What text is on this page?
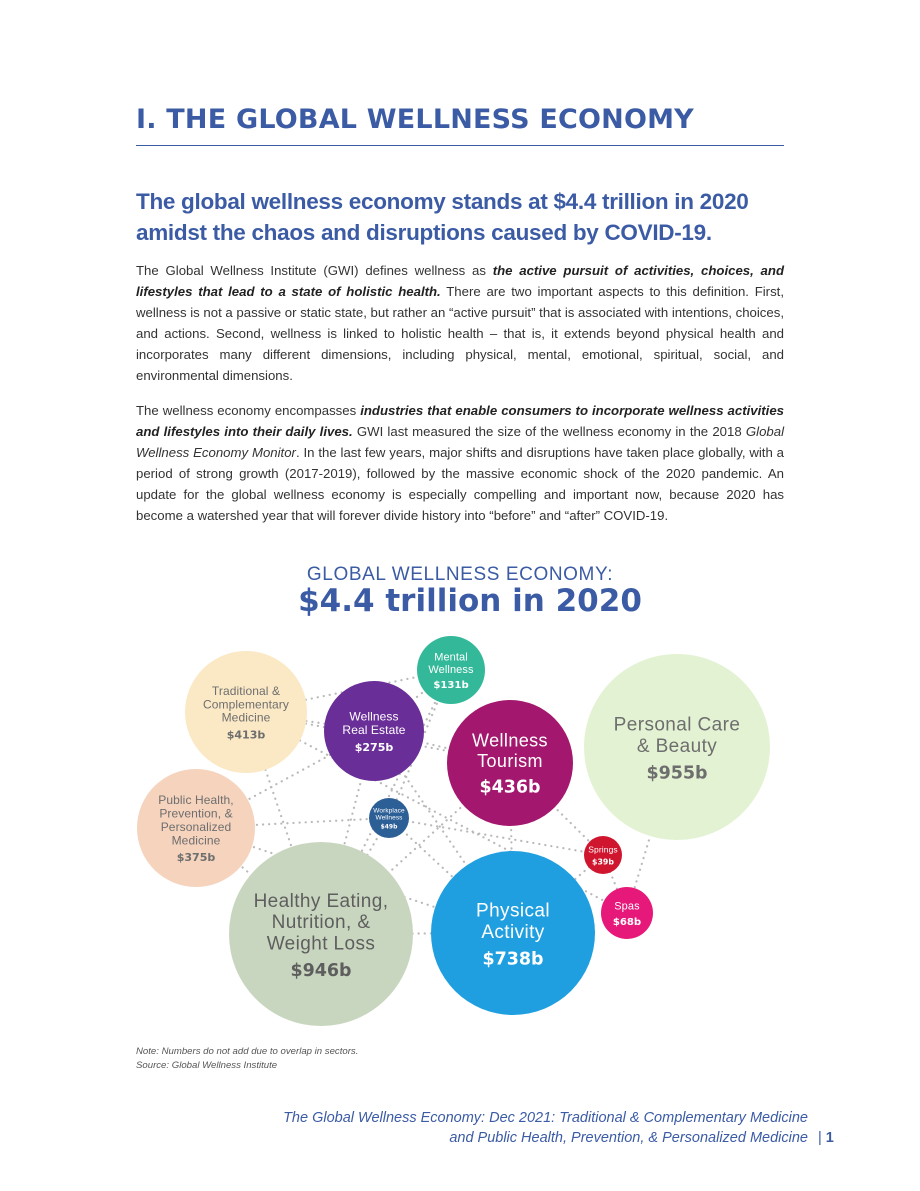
I. THE GLOBAL WELLNESS ECONOMY
The global wellness economy stands at $4.4 trillion in 2020
amidst the chaos and disruptions caused by COVID-19.

The Global Wellness Institute (GWI) defines wellness as the active pursuit of activities, choices, and lifestyles that lead to a state of holistic health. There are two important aspects to this definition. First, wellness is not a passive or static state, but rather an “active pursuit” that is associated with intentions, choices, and actions. Second, wellness is linked to holistic health – that is, it extends beyond physical health and incorporates many different dimensions, including physical, mental, emotional, spiritual, social, and environmental dimensions.

The wellness economy encompasses industries that enable consumers to incorporate wellness activities and lifestyles into their daily lives. GWI last measured the size of the wellness economy in the 2018 Global Wellness Economy Monitor. In the last few years, major shifts and disruptions have taken place globally, with a period of strong growth (2017-2019), followed by the massive economic shock of the 2020 pandemic. An update for the global wellness economy is especially compelling and important now, because 2020 has become a watershed year that will forever divide history into “before” and “after” COVID-19.

GLOBAL WELLNESS ECONOMY:
$4.4 trillion in 2020
Personal Care
& Beauty
$955b
Healthy Eating,
Nutrition, &
Weight Loss
$946b
Physical
Activity
$738b
Wellness
Tourism
$436b
Traditional &
Complementary
Medicine
$413b
Public Health,
Prevention, &
Personalized
Medicine
$375b
Wellness
Real Estate
$275b
Mental
Wellness
$131b
Spas
$68b
Workplace
Wellness
$49b
Springs
$39b
Note: Numbers do not add due to overlap in sectors.
Source: Global Wellness Institute
The Global Wellness Economy: Dec 2021: Traditional & Complementary Medicine
and Public Health, Prevention, & Personalized Medicine | 1
